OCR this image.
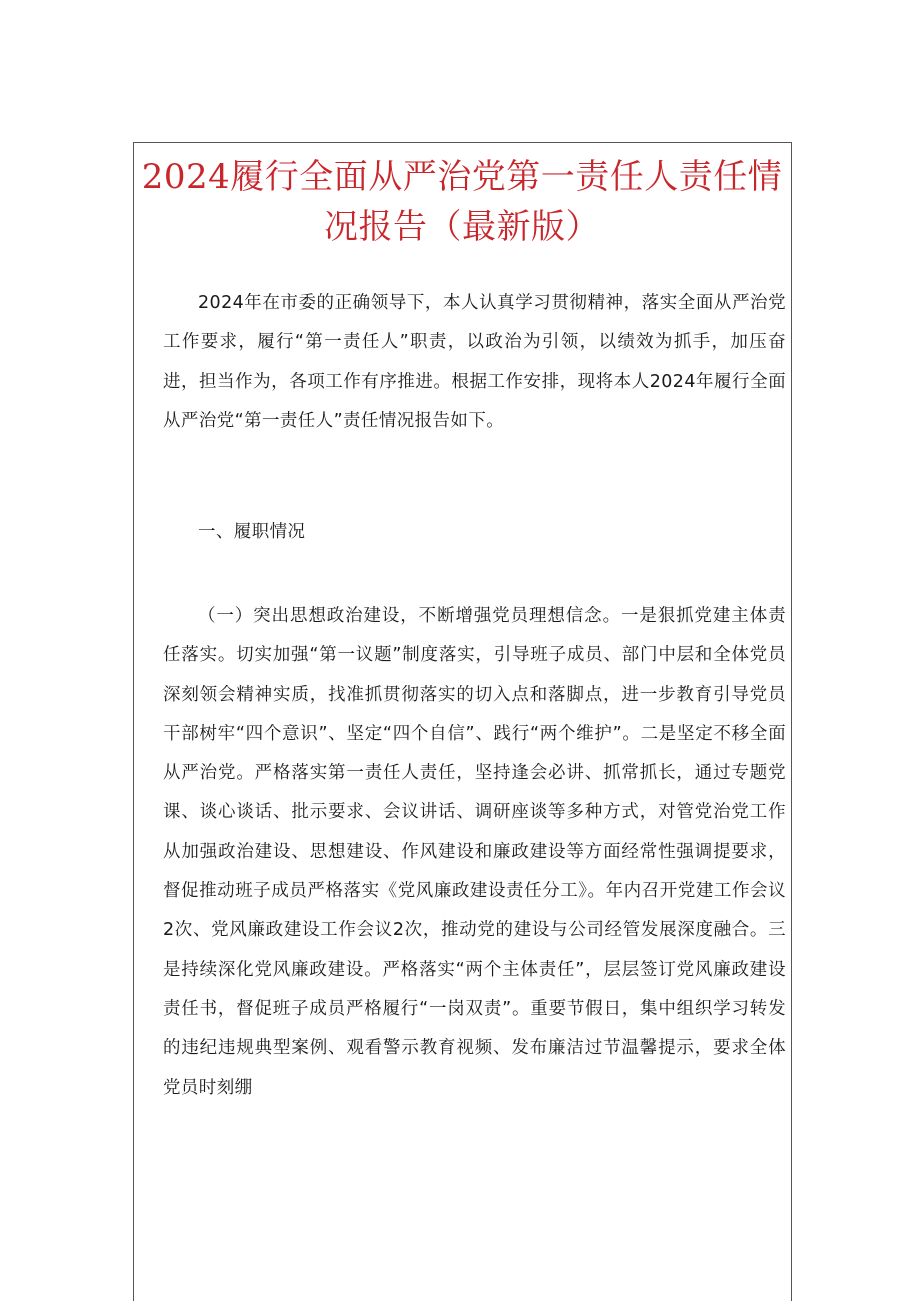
2024履行全面从严治党第一责任人责任情况报告（最新版）

2024年在市委的正确领导下，本人认真学习贯彻精神，落实全面从严治党工作要求，履行“第一责任人”职责，以政治为引领，以绩效为抓手，加压奋进，担当作为，各项工作有序推进。根据工作安排，现将本人2024年履行全面从严治党“第一责任人”责任情况报告如下。

一、履职情况

（一）突出思想政治建设，不断增强党员理想信念。一是狠抓党建主体责任落实。切实加强“第一议题”制度落实，引导班子成员、部门中层和全体党员深刻领会精神实质，找准抓贯彻落实的切入点和落脚点，进一步教育引导党员干部树牢“四个意识”、坚定“四个自信”、践行“两个维护”。二是坚定不移全面从严治党。严格落实第一责任人责任，坚持逢会必讲、抓常抓长，通过专题党课、谈心谈话、批示要求、会议讲话、调研座谈等多种方式，对管党治党工作从加强政治建设、思想建设、作风建设和廉政建设等方面经常性强调提要求，督促推动班子成员严格落实《党风廉政建设责任分工》。年内召开党建工作会议2次、党风廉政建设工作会议2次，推动党的建设与公司经管发展深度融合。三是持续深化党风廉政建设。严格落实“两个主体责任”，层层签订党风廉政建设责任书，督促班子成员严格履行“一岗双责”。重要节假日，集中组织学习转发的违纪违规典型案例、观看警示教育视频、发布廉洁过节温馨提示，要求全体党员时刻绷
